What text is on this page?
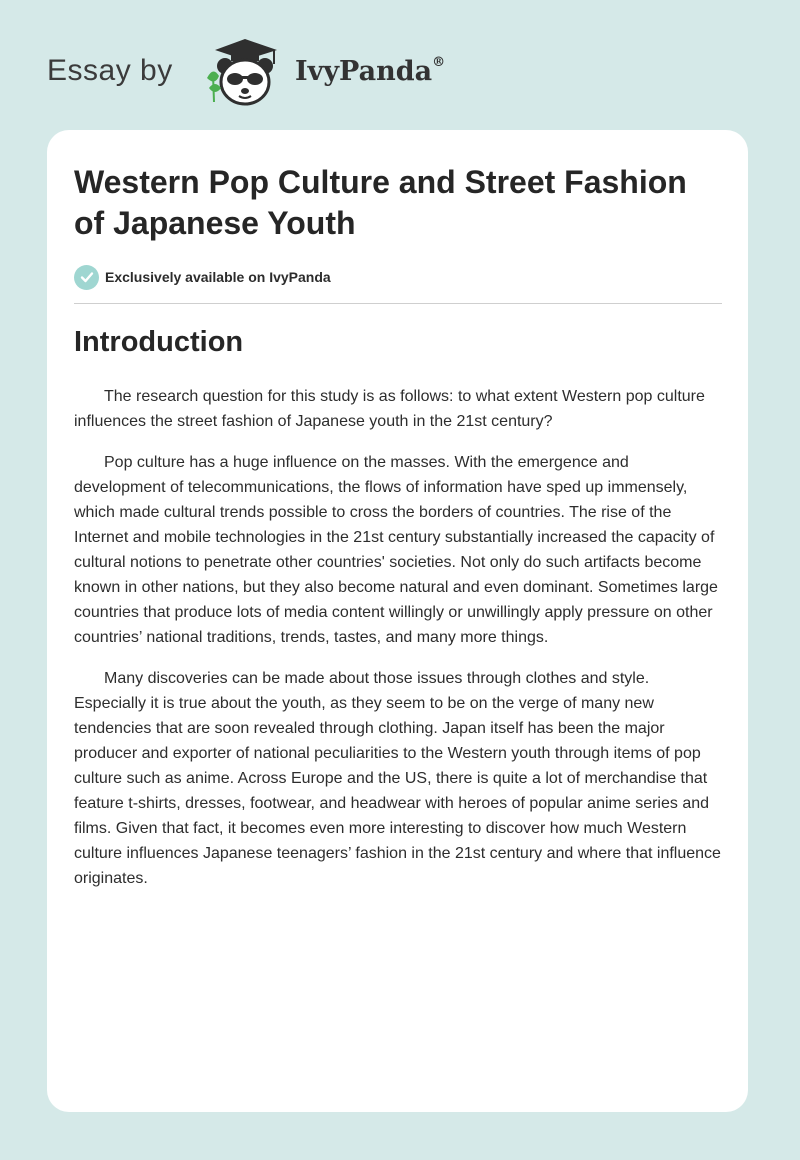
Essay by	IvyPanda®
Western Pop Culture and Street Fashion of Japanese Youth
Exclusively available on IvyPanda
Introduction

The research question for this study is as follows: to what extent Western pop culture influences the street fashion of Japanese youth in the 21st century?

Pop culture has a huge influence on the masses. With the emergence and development of telecommunications, the flows of information have sped up immensely, which made cultural trends possible to cross the borders of countries. The rise of the Internet and mobile technologies in the 21st century substantially increased the capacity of cultural notions to penetrate other countries' societies. Not only do such artifacts become known in other nations, but they also become natural and even dominant. Sometimes large countries that produce lots of media content willingly or unwillingly apply pressure on other countries’ national traditions, trends, tastes, and many more things.

Many discoveries can be made about those issues through clothes and style. Especially it is true about the youth, as they seem to be on the verge of many new tendencies that are soon revealed through clothing. Japan itself has been the major producer and exporter of national peculiarities to the Western youth through items of pop culture such as anime. Across Europe and the US, there is quite a lot of merchandise that feature t-shirts, dresses, footwear, and headwear with heroes of popular anime series and films. Given that fact, it becomes even more interesting to discover how much Western culture influences Japanese teenagers’ fashion in the 21st century and where that influence originates.
